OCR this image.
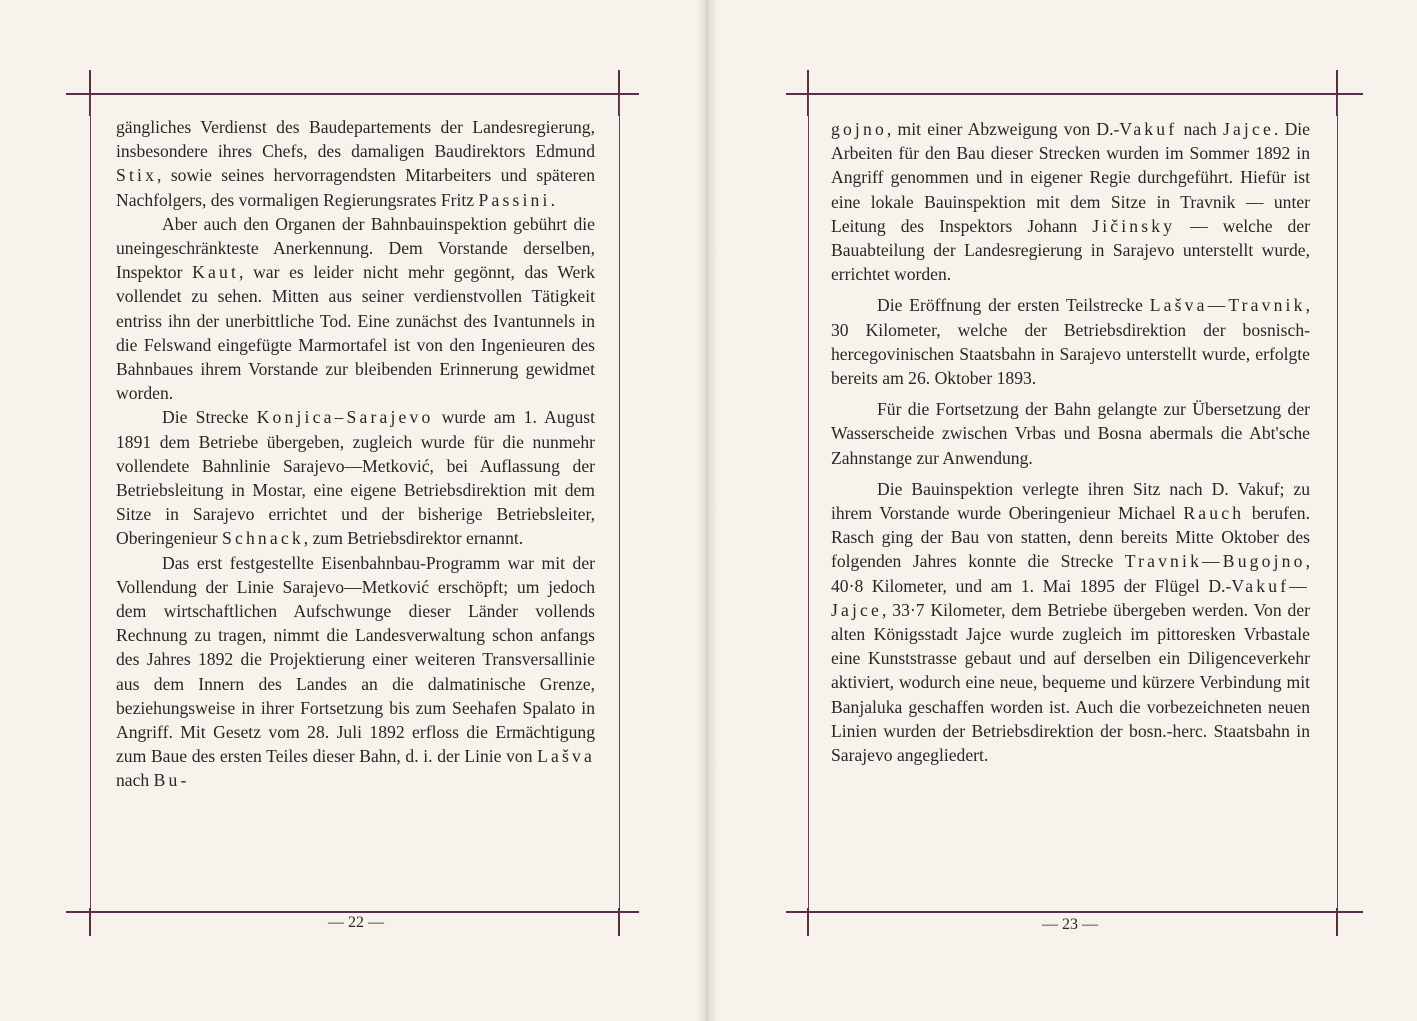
gängliches Verdienst des Baudepartements der Landesregierung, insbesondere ihres Chefs, des damaligen Baudirektors Edmund Stix, sowie seines hervorragendsten Mitarbeiters und späteren Nachfolgers, des vormaligen Regierungsrates Fritz Passini.

Aber auch den Organen der Bahnbauinspektion gebührt die uneingeschränkteste Anerkennung. Dem Vorstande derselben, Inspektor Kaut, war es leider nicht mehr gegönnt, das Werk vollendet zu sehen. Mitten aus seiner verdienstvollen Tätigkeit entriss ihn der unerbittliche Tod. Eine zunächst des Ivantunnels in die Felswand eingefügte Marmortafel ist von den Ingenieuren des Bahnbaues ihrem Vorstande zur bleibenden Erinnerung gewidmet worden.

Die Strecke Konjica–Sarajevo wurde am 1. August 1891 dem Betriebe übergeben, zugleich wurde für die nunmehr vollendete Bahnlinie Sarajevo—Metković, bei Auflassung der Betriebsleitung in Mostar, eine eigene Betriebsdirektion mit dem Sitze in Sarajevo errichtet und der bisherige Betriebsleiter, Oberingenieur Schnack, zum Betriebsdirektor ernannt.

Das erst festgestellte Eisenbahnbau-Programm war mit der Vollendung der Linie Sarajevo—Metković erschöpft; um jedoch dem wirtschaftlichen Aufschwunge dieser Länder vollends Rechnung zu tragen, nimmt die Landesverwaltung schon anfangs des Jahres 1892 die Projektierung einer weiteren Transversallinie aus dem Innern des Landes an die dalmatinische Grenze, beziehungsweise in ihrer Fortsetzung bis zum Seehafen Spalato in Angriff. Mit Gesetz vom 28. Juli 1892 erfloss die Ermächtigung zum Baue des ersten Teiles dieser Bahn, d. i. der Linie von Lašva nach Bu-

— 22 —

gojno, mit einer Abzweigung von D.-Vakuf nach Jajce. Die Arbeiten für den Bau dieser Strecken wurden im Sommer 1892 in Angriff genommen und in eigener Regie durchgeführt. Hiefür ist eine lokale Bauinspektion mit dem Sitze in Travnik — unter Leitung des Inspektors Johann Jičinsky — welche der Bauabteilung der Landesregierung in Sarajevo unterstellt wurde, errichtet worden.

Die Eröffnung der ersten Teilstrecke Lašva—Travnik, 30 Kilometer, welche der Betriebsdirektion der bosnisch-hercegovinischen Staatsbahn in Sarajevo unterstellt wurde, erfolgte bereits am 26. Oktober 1893.

Für die Fortsetzung der Bahn gelangte zur Übersetzung der Wasserscheide zwischen Vrbas und Bosna abermals die Abt'sche Zahnstange zur Anwendung.

Die Bauinspektion verlegte ihren Sitz nach D. Vakuf; zu ihrem Vorstande wurde Oberingenieur Michael Rauch berufen. Rasch ging der Bau von statten, denn bereits Mitte Oktober des folgenden Jahres konnte die Strecke Travnik—Bugojno, 40·8 Kilometer, und am 1. Mai 1895 der Flügel D.-Vakuf—Jajce, 33·7 Kilometer, dem Betriebe übergeben werden. Von der alten Königsstadt Jajce wurde zugleich im pittoresken Vrbastale eine Kunststrasse gebaut und auf derselben ein Diligenceverkehr aktiviert, wodurch eine neue, bequeme und kürzere Verbindung mit Banjaluka geschaffen worden ist. Auch die vorbezeichneten neuen Linien wurden der Betriebsdirektion der bosn.-herc. Staatsbahn in Sarajevo angegliedert.

— 23 —
